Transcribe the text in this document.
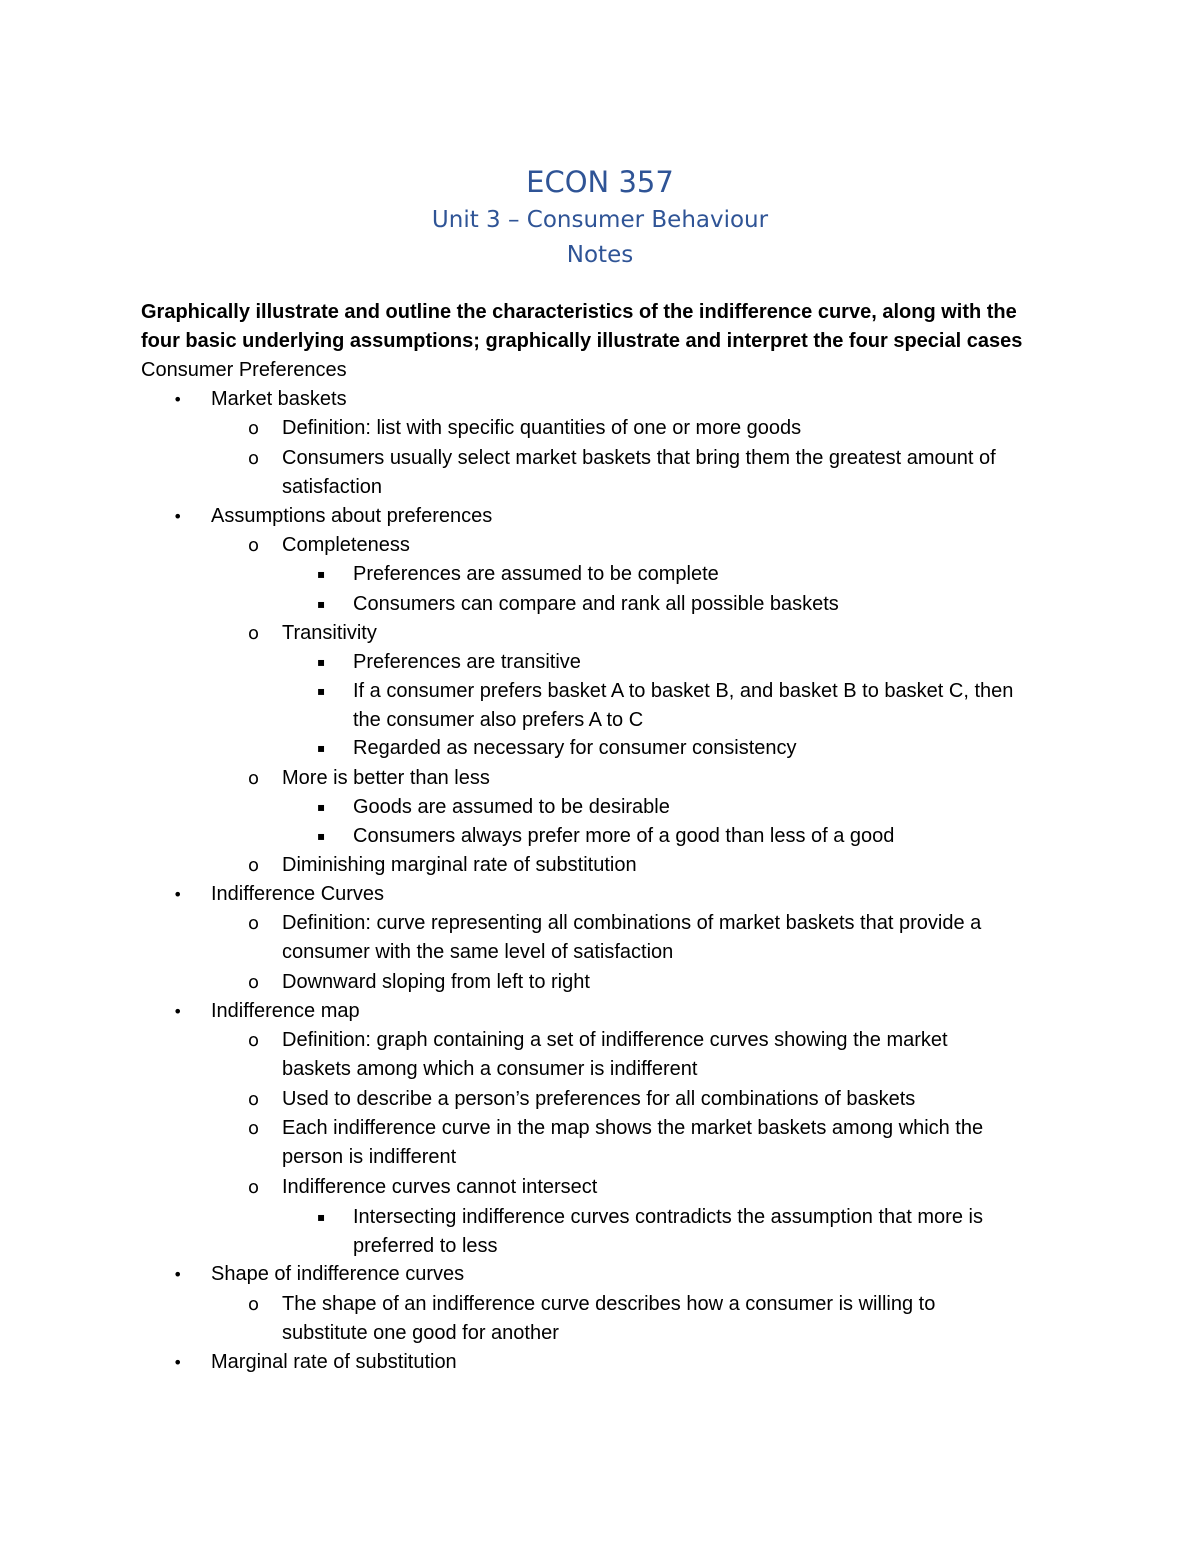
ECON 357
Unit 3 – Consumer Behaviour
Notes
Graphically illustrate and outline the characteristics of the indifference curve, along with the
four basic underlying assumptions; graphically illustrate and interpret the four special cases
Consumer Preferences
• Market baskets
o Definition: list with specific quantities of one or more goods
o Consumers usually select market baskets that bring them the greatest amount of
satisfaction
• Assumptions about preferences
o Completeness
▪ Preferences are assumed to be complete
▪ Consumers can compare and rank all possible baskets
o Transitivity
▪ Preferences are transitive
▪ If a consumer prefers basket A to basket B, and basket B to basket C, then
the consumer also prefers A to C
▪ Regarded as necessary for consumer consistency
o More is better than less
▪ Goods are assumed to be desirable
▪ Consumers always prefer more of a good than less of a good
o Diminishing marginal rate of substitution
• Indifference Curves
o Definition: curve representing all combinations of market baskets that provide a
consumer with the same level of satisfaction
o Downward sloping from left to right
• Indifference map
o Definition: graph containing a set of indifference curves showing the market
baskets among which a consumer is indifferent
o Used to describe a person’s preferences for all combinations of baskets
o Each indifference curve in the map shows the market baskets among which the
person is indifferent
o Indifference curves cannot intersect
▪ Intersecting indifference curves contradicts the assumption that more is
preferred to less
• Shape of indifference curves
o The shape of an indifference curve describes how a consumer is willing to
substitute one good for another
• Marginal rate of substitution
